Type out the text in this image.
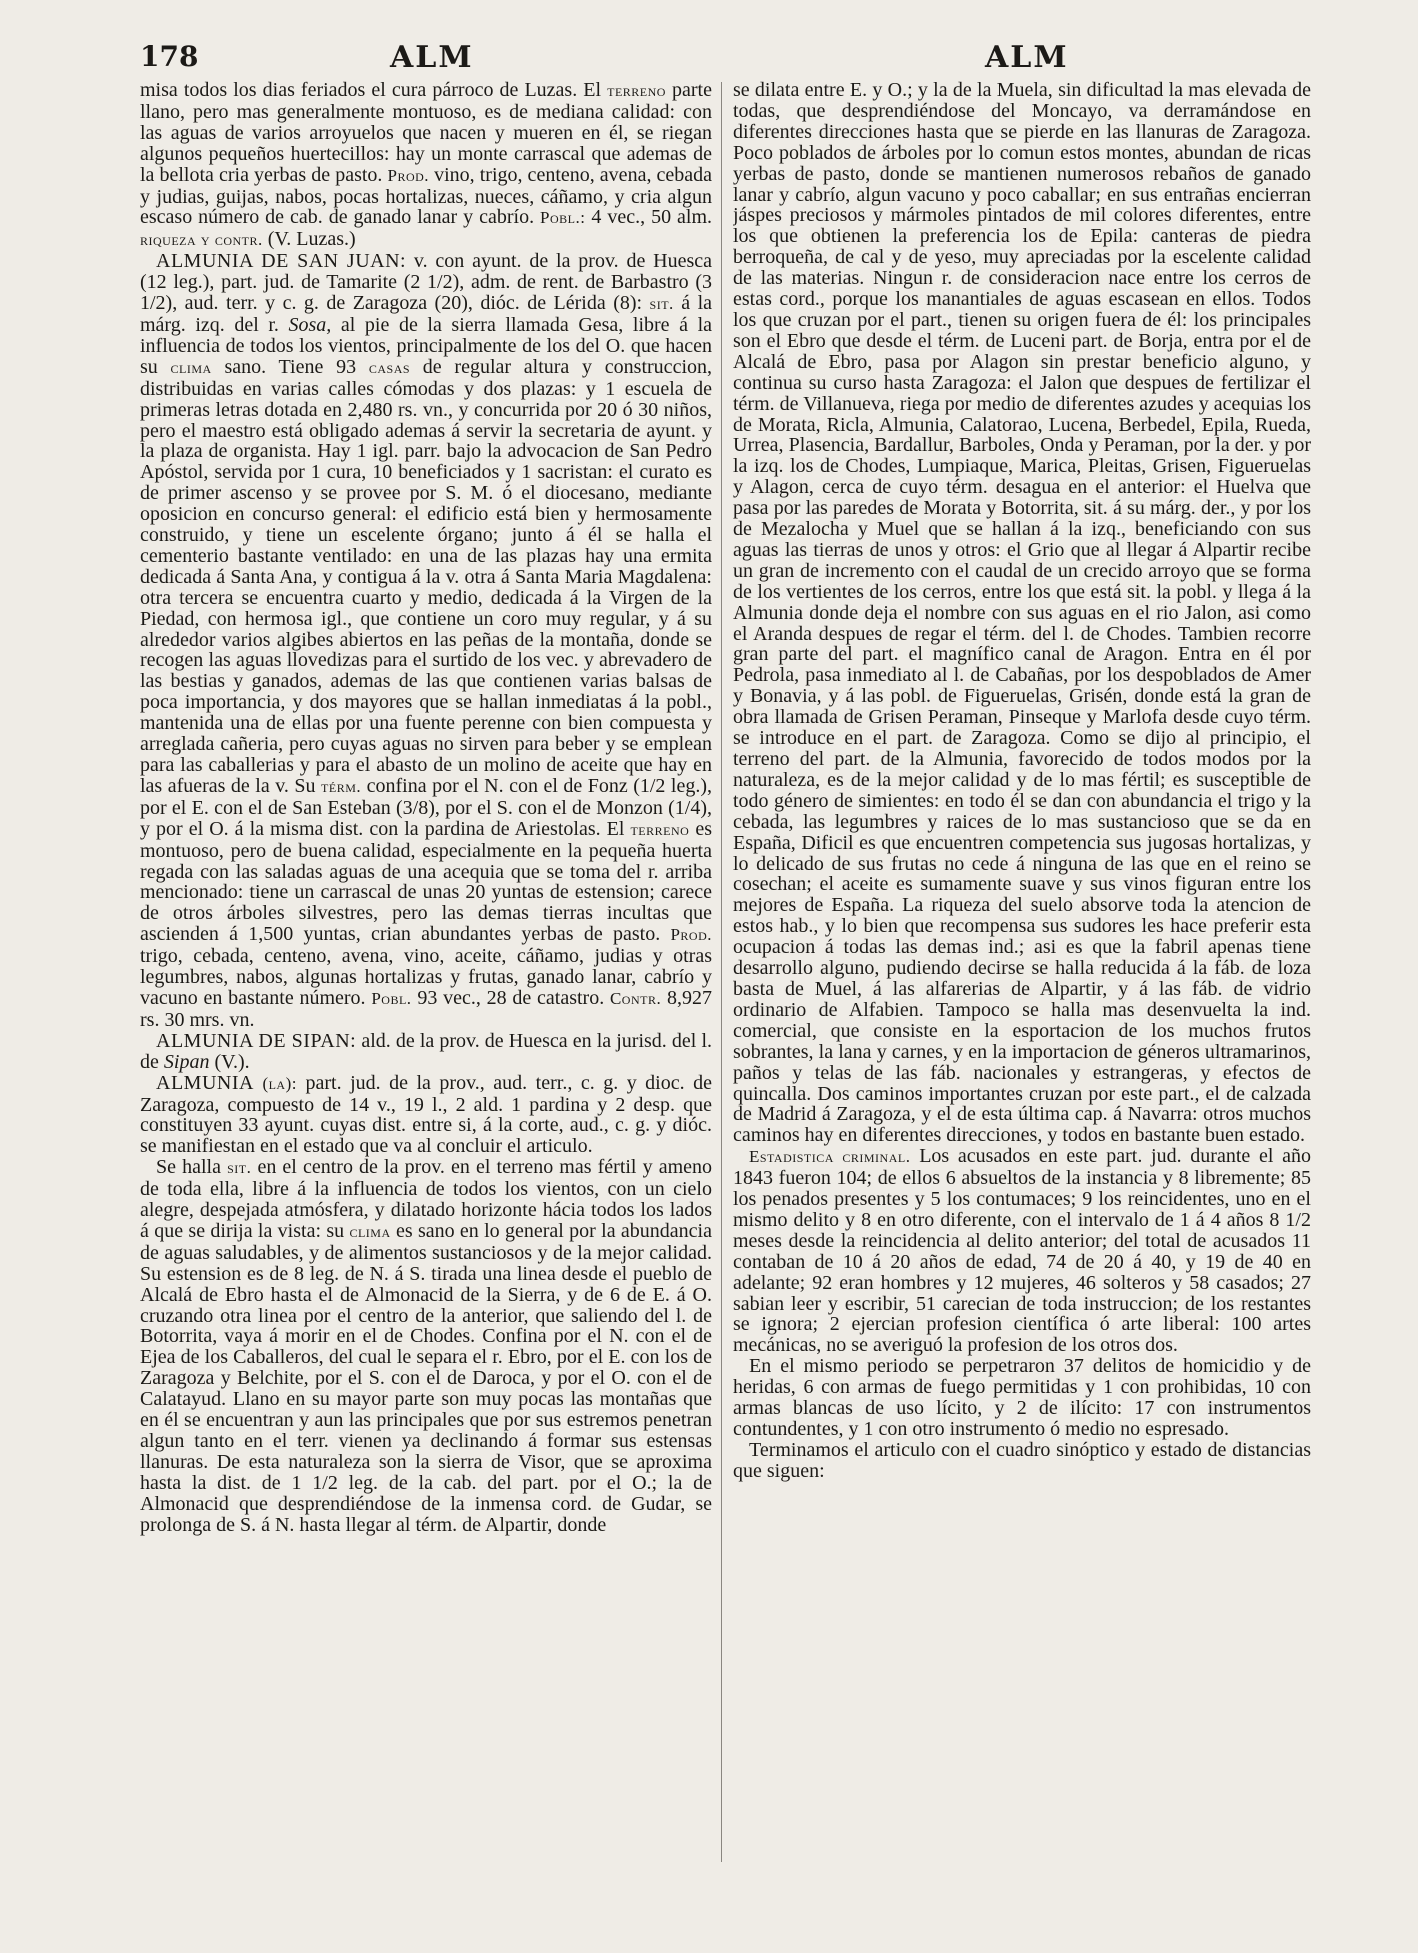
178	ALM	ALM

misa todos los dias feriados el cura párroco de Luzas. El terreno parte llano, pero mas generalmente montuoso, es de mediana calidad: con las aguas de varios arroyuelos que nacen y mueren en él, se riegan algunos pequeños huertecillos: hay un monte carrascal que ademas de la bellota cria yerbas de pasto. Prod. vino, trigo, centeno, avena, cebada y judias, guijas, nabos, pocas hortalizas, nueces, cáñamo, y cria algun escaso número de cab. de ganado lanar y cabrío. Pobl.: 4 vec., 50 alm. riqueza y contr. (V. Luzas.)

ALMUNIA DE SAN JUAN: v. con ayunt. de la prov. de Huesca (12 leg.), part. jud. de Tamarite (2 1/2), adm. de rent. de Barbastro (3 1/2), aud. terr. y c. g. de Zaragoza (20), dióc. de Lérida (8): sit. á la márg. izq. del r. Sosa, al pie de la sierra llamada Gesa, libre á la influencia de todos los vientos, principalmente de los del O. que hacen su clima sano. Tiene 93 casas de regular altura y construccion, distribuidas en varias calles cómodas y dos plazas: y 1 escuela de primeras letras dotada en 2,480 rs. vn., y concurrida por 20 ó 30 niños, pero el maestro está obligado ademas á servir la secretaria de ayunt. y la plaza de organista. Hay 1 igl. parr. bajo la advocacion de San Pedro Apóstol, servida por 1 cura, 10 beneficiados y 1 sacristan: el curato es de primer ascenso y se provee por S. M. ó el diocesano, mediante oposicion en concurso general: el edificio está bien y hermosamente construido, y tiene un escelente órgano; junto á él se halla el cementerio bastante ventilado: en una de las plazas hay una ermita dedicada á Santa Ana, y contigua á la v. otra á Santa Maria Magdalena: otra tercera se encuentra cuarto y medio, dedicada á la Virgen de la Piedad, con hermosa igl., que contiene un coro muy regular, y á su alrededor varios algibes abiertos en las peñas de la montaña, donde se recogen las aguas llovedizas para el surtido de los vec. y abrevadero de las bestias y ganados, ademas de las que contienen varias balsas de poca importancia, y dos mayores que se hallan inmediatas á la pobl., mantenida una de ellas por una fuente perenne con bien compuesta y arreglada cañeria, pero cuyas aguas no sirven para beber y se emplean para las caballerias y para el abasto de un molino de aceite que hay en las afueras de la v. Su térm. confina por el N. con el de Fonz (1/2 leg.), por el E. con el de San Esteban (3/8), por el S. con el de Monzon (1/4), y por el O. á la misma dist. con la pardina de Ariestolas. El terreno es montuoso, pero de buena calidad, especialmente en la pequeña huerta regada con las saladas aguas de una acequia que se toma del r. arriba mencionado: tiene un carrascal de unas 20 yuntas de estension; carece de otros árboles silvestres, pero las demas tierras incultas que ascienden á 1,500 yuntas, crian abundantes yerbas de pasto. Prod. trigo, cebada, centeno, avena, vino, aceite, cáñamo, judias y otras legumbres, nabos, algunas hortalizas y frutas, ganado lanar, cabrío y vacuno en bastante número. Pobl. 93 vec., 28 de catastro. Contr. 8,927 rs. 30 mrs. vn.

ALMUNIA DE SIPAN: ald. de la prov. de Huesca en la jurisd. del l. de Sipan (V.).

ALMUNIA (la): part. jud. de la prov., aud. terr., c. g. y dioc. de Zaragoza, compuesto de 14 v., 19 l., 2 ald. 1 pardina y 2 desp. que constituyen 33 ayunt. cuyas dist. entre si, á la corte, aud., c. g. y dióc. se manifiestan en el estado que va al concluir el articulo.

Se halla sit. en el centro de la prov. en el terreno mas fértil y ameno de toda ella, libre á la influencia de todos los vientos, con un cielo alegre, despejada atmósfera, y dilatado horizonte hácia todos los lados á que se dirija la vista: su clima es sano en lo general por la abundancia de aguas saludables, y de alimentos sustanciosos y de la mejor calidad. Su estension es de 8 leg. de N. á S. tirada una linea desde el pueblo de Alcalá de Ebro hasta el de Almonacid de la Sierra, y de 6 de E. á O. cruzando otra linea por el centro de la anterior, que saliendo del l. de Botorrita, vaya á morir en el de Chodes. Confina por el N. con el de Ejea de los Caballeros, del cual le separa el r. Ebro, por el E. con los de Zaragoza y Belchite, por el S. con el de Daroca, y por el O. con el de Calatayud. Llano en su mayor parte son muy pocas las montañas que en él se encuentran y aun las principales que por sus estremos penetran algun tanto en el terr. vienen ya declinando á formar sus estensas llanuras. De esta naturaleza son la sierra de Visor, que se aproxima hasta la dist. de 1 1/2 leg. de la cab. del part. por el O.; la de Almonacid que desprendiéndose de la inmensa cord. de Gudar, se prolonga de S. á N. hasta llegar al térm. de Alpartir, donde

se dilata entre E. y O.; y la de la Muela, sin dificultad la mas elevada de todas, que desprendiéndose del Moncayo, va derramándose en diferentes direcciones hasta que se pierde en las llanuras de Zaragoza. Poco poblados de árboles por lo comun estos montes, abundan de ricas yerbas de pasto, donde se mantienen numerosos rebaños de ganado lanar y cabrío, algun vacuno y poco caballar; en sus entrañas encierran jáspes preciosos y mármoles pintados de mil colores diferentes, entre los que obtienen la preferencia los de Epila: canteras de piedra berroqueña, de cal y de yeso, muy apreciadas por la escelente calidad de las materias. Ningun r. de consideracion nace entre los cerros de estas cord., porque los manantiales de aguas escasean en ellos. Todos los que cruzan por el part., tienen su origen fuera de él: los principales son el Ebro que desde el térm. de Luceni part. de Borja, entra por el de Alcalá de Ebro, pasa por Alagon sin prestar beneficio alguno, y continua su curso hasta Zaragoza: el Jalon que despues de fertilizar el térm. de Villanueva, riega por medio de diferentes azudes y acequias los de Morata, Ricla, Almunia, Calatorao, Lucena, Berbedel, Epila, Rueda, Urrea, Plasencia, Bardallur, Barboles, Onda y Peraman, por la der. y por la izq. los de Chodes, Lumpiaque, Marica, Pleitas, Grisen, Figueruelas y Alagon, cerca de cuyo térm. desagua en el anterior: el Huelva que pasa por las paredes de Morata y Botorrita, sit. á su márg. der., y por los de Mezalocha y Muel que se hallan á la izq., beneficiando con sus aguas las tierras de unos y otros: el Grio que al llegar á Alpartir recibe un gran de incremento con el caudal de un crecido arroyo que se forma de los vertientes de los cerros, entre los que está sit. la pobl. y llega á la Almunia donde deja el nombre con sus aguas en el rio Jalon, asi como el Aranda despues de regar el térm. del l. de Chodes. Tambien recorre gran parte del part. el magnífico canal de Aragon. Entra en él por Pedrola, pasa inmediato al l. de Cabañas, por los despoblados de Amer y Bonavia, y á las pobl. de Figueruelas, Grisén, donde está la gran de obra llamada de Grisen Peraman, Pinseque y Marlofa desde cuyo térm. se introduce en el part. de Zaragoza. Como se dijo al principio, el terreno del part. de la Almunia, favorecido de todos modos por la naturaleza, es de la mejor calidad y de lo mas fértil; es susceptible de todo género de simientes: en todo él se dan con abundancia el trigo y la cebada, las legumbres y raices de lo mas sustancioso que se da en España, Dificil es que encuentren competencia sus jugosas hortalizas, y lo delicado de sus frutas no cede á ninguna de las que en el reino se cosechan; el aceite es sumamente suave y sus vinos figuran entre los mejores de España. La riqueza del suelo absorve toda la atencion de estos hab., y lo bien que recompensa sus sudores les hace preferir esta ocupacion á todas las demas ind.; asi es que la fabril apenas tiene desarrollo alguno, pudiendo decirse se halla reducida á la fáb. de loza basta de Muel, á las alfarerias de Alpartir, y á las fáb. de vidrio ordinario de Alfabien. Tampoco se halla mas desenvuelta la ind. comercial, que consiste en la esportacion de los muchos frutos sobrantes, la lana y carnes, y en la importacion de géneros ultramarinos, paños y telas de las fáb. nacionales y estrangeras, y efectos de quincalla. Dos caminos importantes cruzan por este part., el de calzada de Madrid á Zaragoza, y el de esta última cap. á Navarra: otros muchos caminos hay en diferentes direcciones, y todos en bastante buen estado.

Estadistica criminal. Los acusados en este part. jud. durante el año 1843 fueron 104; de ellos 6 absueltos de la instancia y 8 libremente; 85 los penados presentes y 5 los contumaces; 9 los reincidentes, uno en el mismo delito y 8 en otro diferente, con el intervalo de 1 á 4 años 8 1/2 meses desde la reincidencia al delito anterior; del total de acusados 11 contaban de 10 á 20 años de edad, 74 de 20 á 40, y 19 de 40 en adelante; 92 eran hombres y 12 mujeres, 46 solteros y 58 casados; 27 sabian leer y escribir, 51 carecian de toda instruccion; de los restantes se ignora; 2 ejercian profesion científica ó arte liberal: 100 artes mecánicas, no se averiguó la profesion de los otros dos.

En el mismo periodo se perpetraron 37 delitos de homicidio y de heridas, 6 con armas de fuego permitidas y 1 con prohibidas, 10 con armas blancas de uso lícito, y 2 de ilícito: 17 con instrumentos contundentes, y 1 con otro instrumento ó medio no espresado.

Terminamos el articulo con el cuadro sinóptico y estado de distancias que siguen:
